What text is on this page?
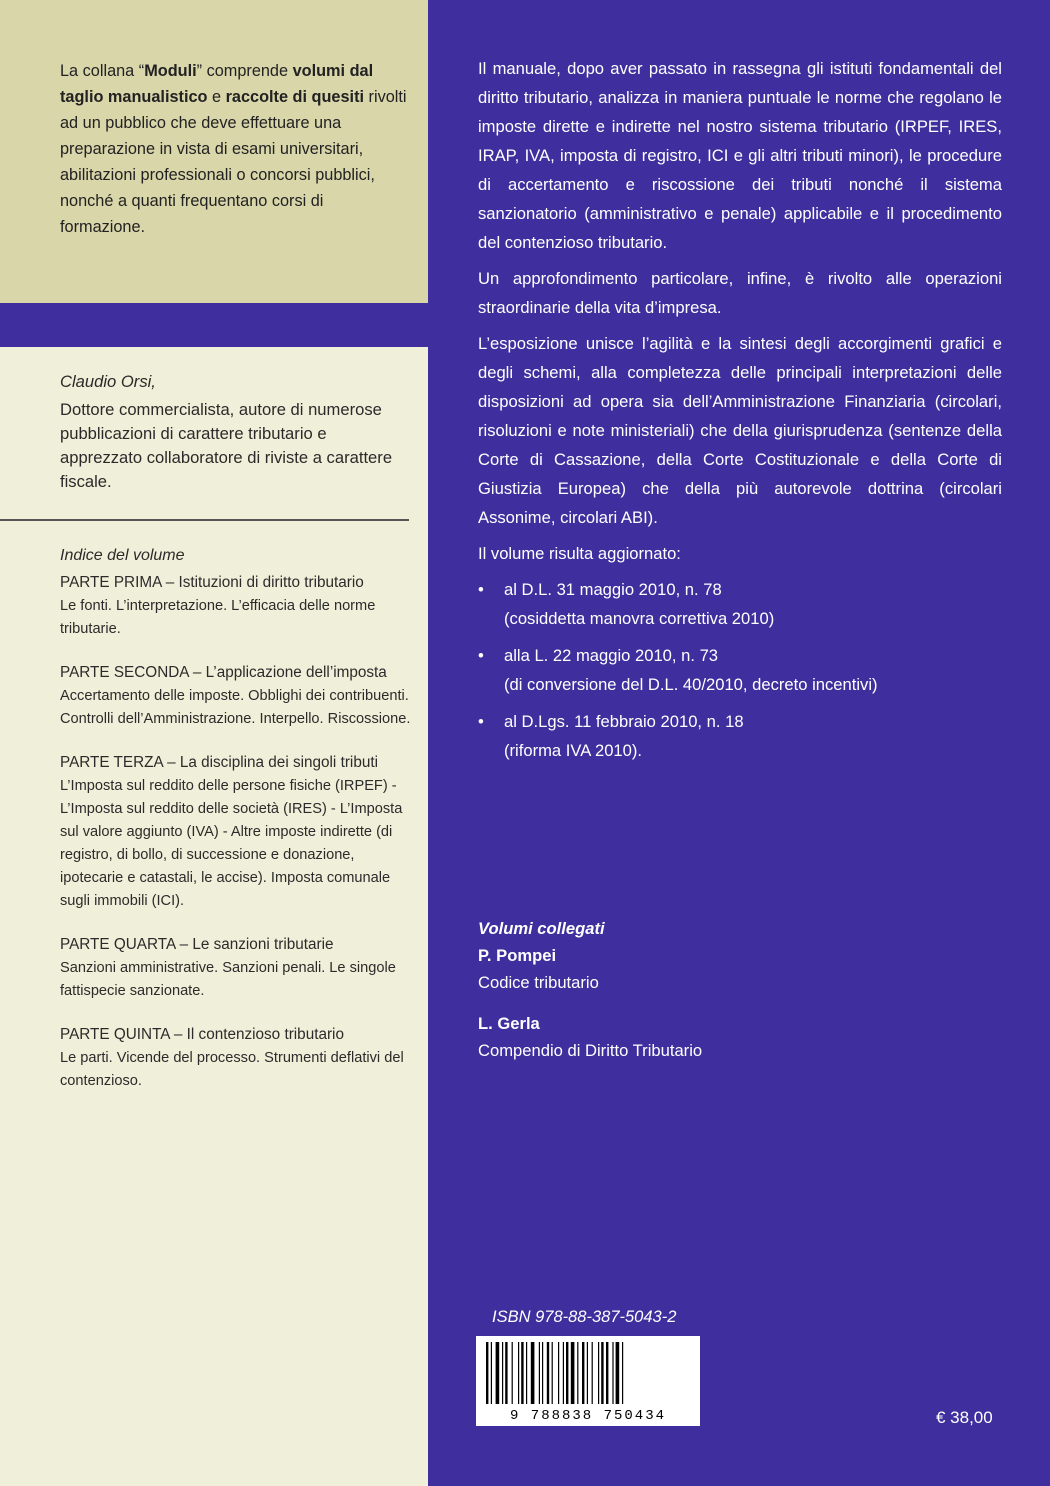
La collana “Moduli” comprende volumi dal taglio manualistico e raccolte di quesiti rivolti ad un pubblico che deve effettuare una preparazione in vista di esami universitari, abilitazioni professionali o concorsi pubblici, nonché a quanti frequentano corsi di formazione.
Claudio Orsi,
Dottore commercialista, autore di numerose pubblicazioni di carattere tributario e apprezzato collaboratore di riviste a carattere fiscale.
Indice del volume
PARTE PRIMA – Istituzioni di diritto tributario
Le fonti. L’interpretazione. L’efficacia delle norme tributarie.
PARTE SECONDA – L’applicazione dell’imposta
Accertamento delle imposte. Obblighi dei contribuenti. Controlli dell’Amministrazione. Interpello. Riscossione.
PARTE TERZA – La disciplina dei singoli tributi
L’Imposta sul reddito delle persone fisiche (IRPEF) - L’Imposta sul reddito delle società (IRES) - L’Imposta sul valore aggiunto (IVA) - Altre imposte indirette (di registro, di bollo, di successione e donazione, ipotecarie e catastali, le accise). Imposta comunale sugli immobili (ICI).
PARTE QUARTA – Le sanzioni tributarie
Sanzioni amministrative. Sanzioni penali. Le singole fattispecie sanzionate.
PARTE QUINTA – Il contenzioso tributario
Le parti. Vicende del processo. Strumenti deflativi del contenzioso.

Il manuale, dopo aver passato in rassegna gli istituti fondamentali del diritto tributario, analizza in maniera puntuale le norme che regolano le imposte dirette e indirette nel nostro sistema tributario (IRPEF, IRES, IRAP, IVA, imposta di registro, ICI e gli altri tributi minori), le procedure di accertamento e riscossione dei tributi nonché il sistema sanzionatorio (amministrativo e penale) applicabile e il procedimento del contenzioso tributario.

Un approfondimento particolare, infine, è rivolto alle operazioni straordinarie della vita d’impresa.

L’esposizione unisce l’agilità e la sintesi degli accorgimenti grafici e degli schemi, alla completezza delle principali interpretazioni delle disposizioni ad opera sia dell’Amministrazione Finanziaria (circolari, risoluzioni e note ministeriali) che della giurisprudenza (sentenze della Corte di Cassazione, della Corte Costituzionale e della Corte di Giustizia Europea) che della più autorevole dottrina (circolari Assonime, circolari ABI).

Il volume risulta aggiornato:

• al D.L. 31 maggio 2010, n. 78
(cosiddetta manovra correttiva 2010)
• alla L. 22 maggio 2010, n. 73
(di conversione del D.L. 40/2010, decreto incentivi)
• al D.Lgs. 11 febbraio 2010, n. 18
(riforma IVA 2010).
Volumi collegati
P. Pompei
Codice tributario
L. Gerla
Compendio di Diritto Tributario
ISBN 978-88-387-5043-2
9 788838 750434	€ 38,00
